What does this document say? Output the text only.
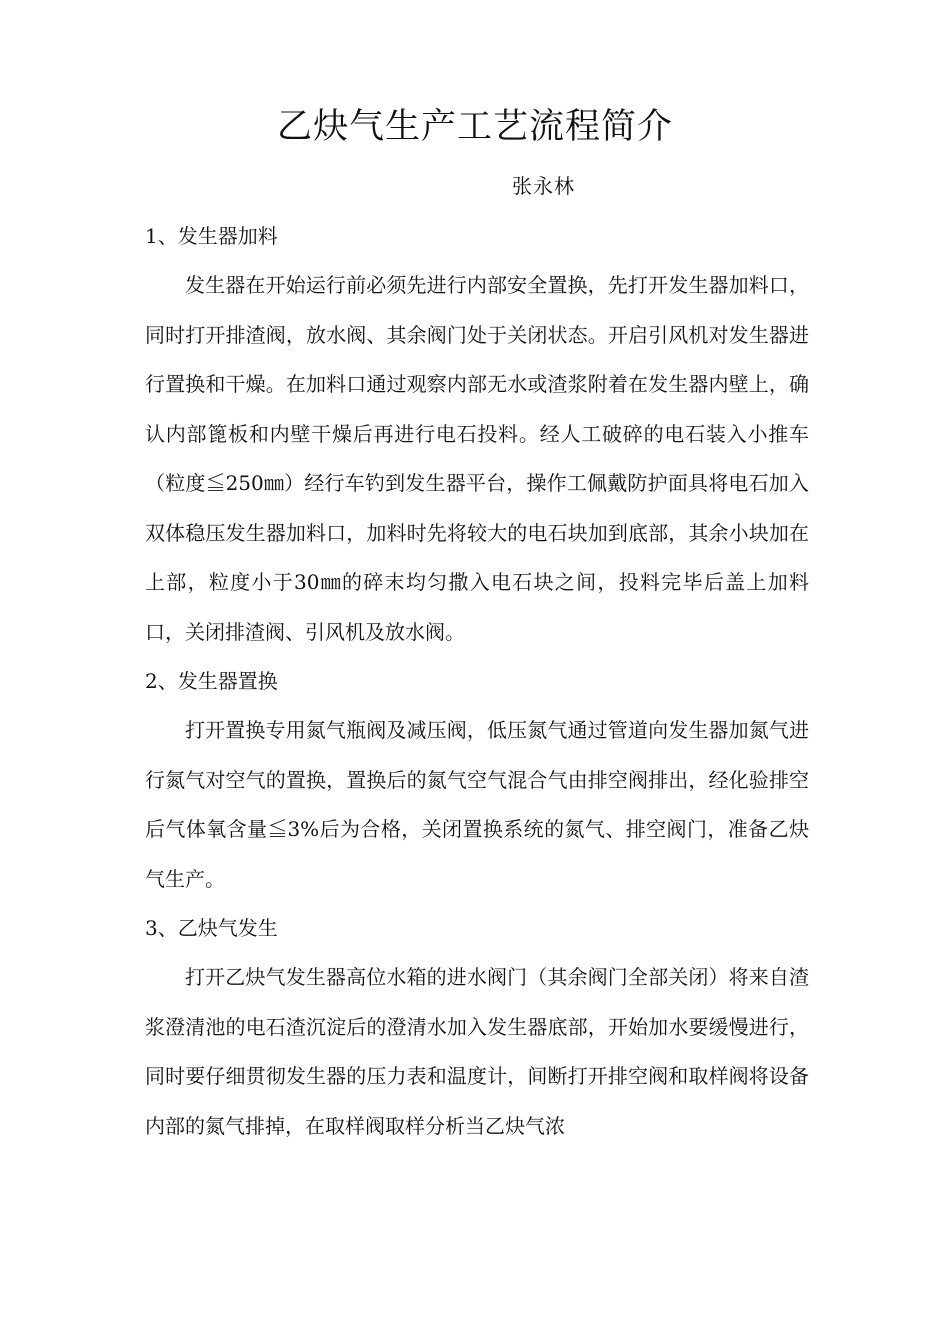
乙炔气生产工艺流程简介
张永林
1、发生器加料

发生器在开始运行前必须先进行内部安全置换，先打开发生器加料口，同时打开排渣阀，放水阀、其余阀门处于关闭状态。开启引风机对发生器进行置换和干燥。在加料口通过观察内部无水或渣浆附着在发生器内壁上，确认内部篦板和内壁干燥后再进行电石投料。经人工破碎的电石装入小推车（粒度≦250㎜）经行车钓到发生器平台，操作工佩戴防护面具将电石加入双体稳压发生器加料口，加料时先将较大的电石块加到底部，其余小块加在上部，粒度小于30㎜的碎末均匀撒入电石块之间，投料完毕后盖上加料口，关闭排渣阀、引风机及放水阀。

2、发生器置换

打开置换专用氮气瓶阀及减压阀，低压氮气通过管道向发生器加氮气进行氮气对空气的置换，置换后的氮气空气混合气由排空阀排出，经化验排空后气体氧含量≦3%后为合格，关闭置换系统的氮气、排空阀门，准备乙炔气生产。

3、乙炔气发生

打开乙炔气发生器高位水箱的进水阀门（其余阀门全部关闭）将来自渣浆澄清池的电石渣沉淀后的澄清水加入发生器底部，开始加水要缓慢进行，同时要仔细贯彻发生器的压力表和温度计，间断打开排空阀和取样阀将设备内部的氮气排掉，在取样阀取样分析当乙炔气浓
